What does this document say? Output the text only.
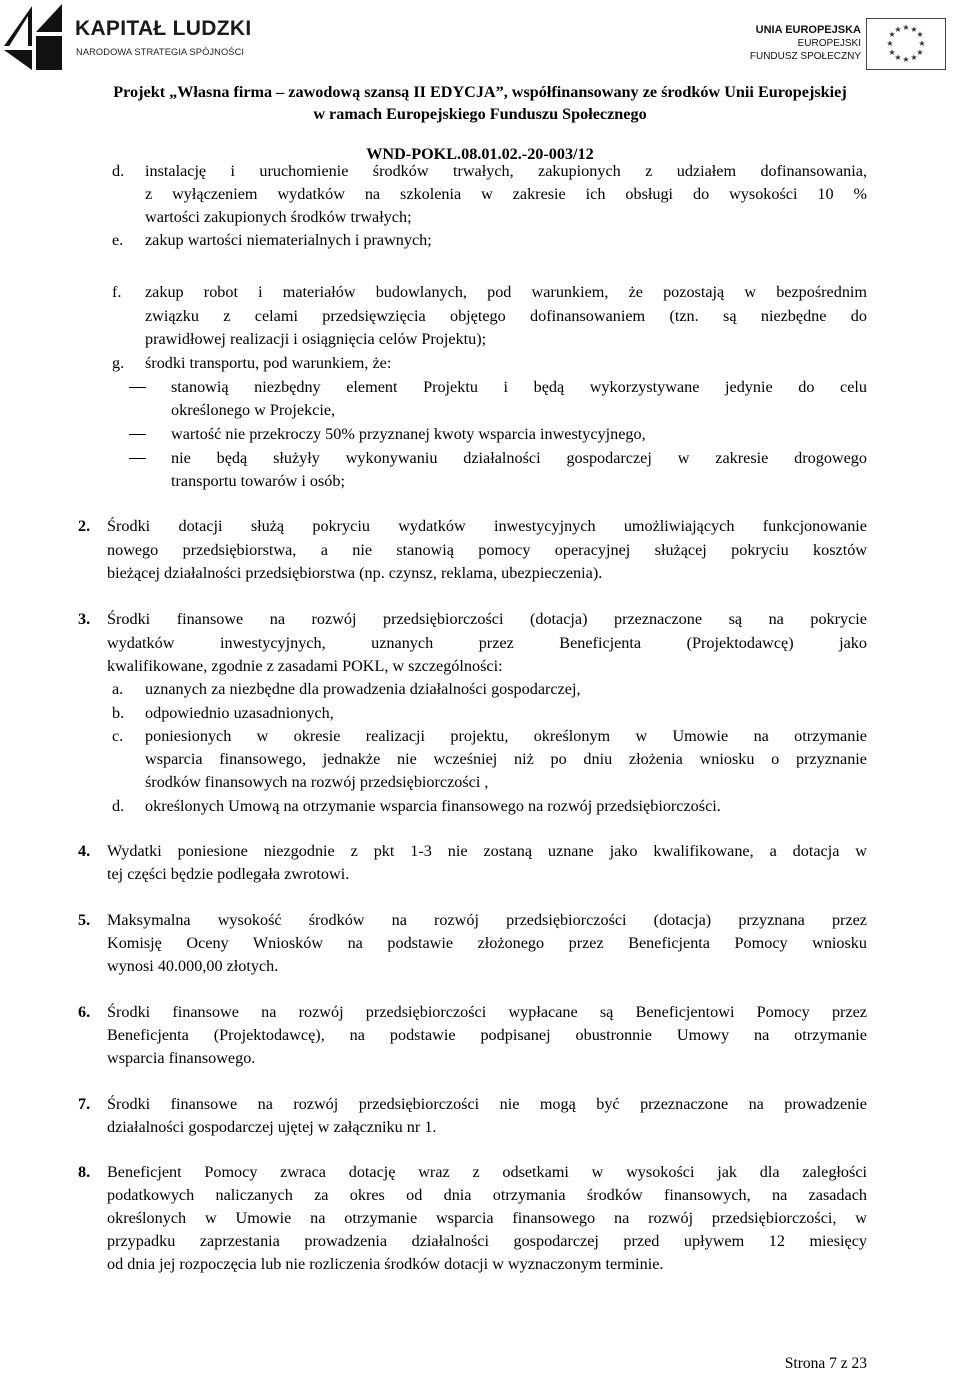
KAPITAŁ LUDZKI
NARODOWA STRATEGIA SPÓJNOŚCI
UNIA EUROPEJSKA
EUROPEJSKI
FUNDUSZ SPOŁECZNY
★ ★
★
★
★
★
★
★
★
★
★
★
Projekt „Własna firma – zawodową szansą II EDYCJA”, współfinansowany ze środków Unii Europejskiej
w ramach Europejskiego Funduszu Społecznego
WND-POKL.08.01.02.-20-003/12
d. instalację i uruchomienie środków trwałych, zakupionych z udziałem dofinansowania,
z wyłączeniem wydatków na szkolenia w zakresie ich obsługi do wysokości 10 %
wartości zakupionych środków trwałych;
e. zakup wartości niematerialnych i prawnych;
f. zakup robot i materiałów budowlanych, pod warunkiem, że pozostają w bezpośrednim
związku z celami przedsięwzięcia objętego dofinansowaniem (tzn. są niezbędne do
prawidłowej realizacji i osiągnięcia celów Projektu);
g. środki transportu, pod warunkiem, że:
stanowią niezbędny element Projektu i będą wykorzystywane jedynie do celu
określonego w Projekcie,
wartość nie przekroczy 50% przyznanej kwoty wsparcia inwestycyjnego,
nie będą służyły wykonywaniu działalności gospodarczej w zakresie drogowego
transportu towarów i osób;
2. Środki dotacji służą pokryciu wydatków inwestycyjnych umożliwiających funkcjonowanie
nowego przedsiębiorstwa, a nie stanowią pomocy operacyjnej służącej pokryciu kosztów
bieżącej działalności przedsiębiorstwa (np. czynsz, reklama, ubezpieczenia).
3. Środki finansowe na rozwój przedsiębiorczości (dotacja) przeznaczone są na pokrycie
wydatków inwestycyjnych, uznanych przez Beneficjenta (Projektodawcę) jako
kwalifikowane, zgodnie z zasadami POKL, w szczególności:
a. uznanych za niezbędne dla prowadzenia działalności gospodarczej,
b. odpowiednio uzasadnionych,
c. poniesionych w okresie realizacji projektu, określonym w Umowie na otrzymanie
wsparcia finansowego, jednakże nie wcześniej niż po dniu złożenia wniosku o przyznanie
środków finansowych na rozwój przedsiębiorczości ,
d. określonych Umową na otrzymanie wsparcia finansowego na rozwój przedsiębiorczości.
4. Wydatki poniesione niezgodnie z pkt 1-3 nie zostaną uznane jako kwalifikowane, a dotacja w
tej części będzie podlegała zwrotowi.
5. Maksymalna wysokość środków na rozwój przedsiębiorczości (dotacja) przyznana przez
Komisję Oceny Wniosków na podstawie złożonego przez Beneficjenta Pomocy wniosku
wynosi 40.000,00 złotych.
6. Środki finansowe na rozwój przedsiębiorczości wypłacane są Beneficjentowi Pomocy przez
Beneficjenta (Projektodawcę), na podstawie podpisanej obustronnie Umowy na otrzymanie
wsparcia finansowego.
7. Środki finansowe na rozwój przedsiębiorczości nie mogą być przeznaczone na prowadzenie
działalności gospodarczej ujętej w załączniku nr 1.
8. Beneficjent Pomocy zwraca dotację wraz z odsetkami w wysokości jak dla zaległości
podatkowych naliczanych za okres od dnia otrzymania środków finansowych, na zasadach
określonych w Umowie na otrzymanie wsparcia finansowego na rozwój przedsiębiorczości, w
przypadku zaprzestania prowadzenia działalności gospodarczej przed upływem 12 miesięcy
od dnia jej rozpoczęcia lub nie rozliczenia środków dotacji w wyznaczonym terminie.
Strona 7 z 23
